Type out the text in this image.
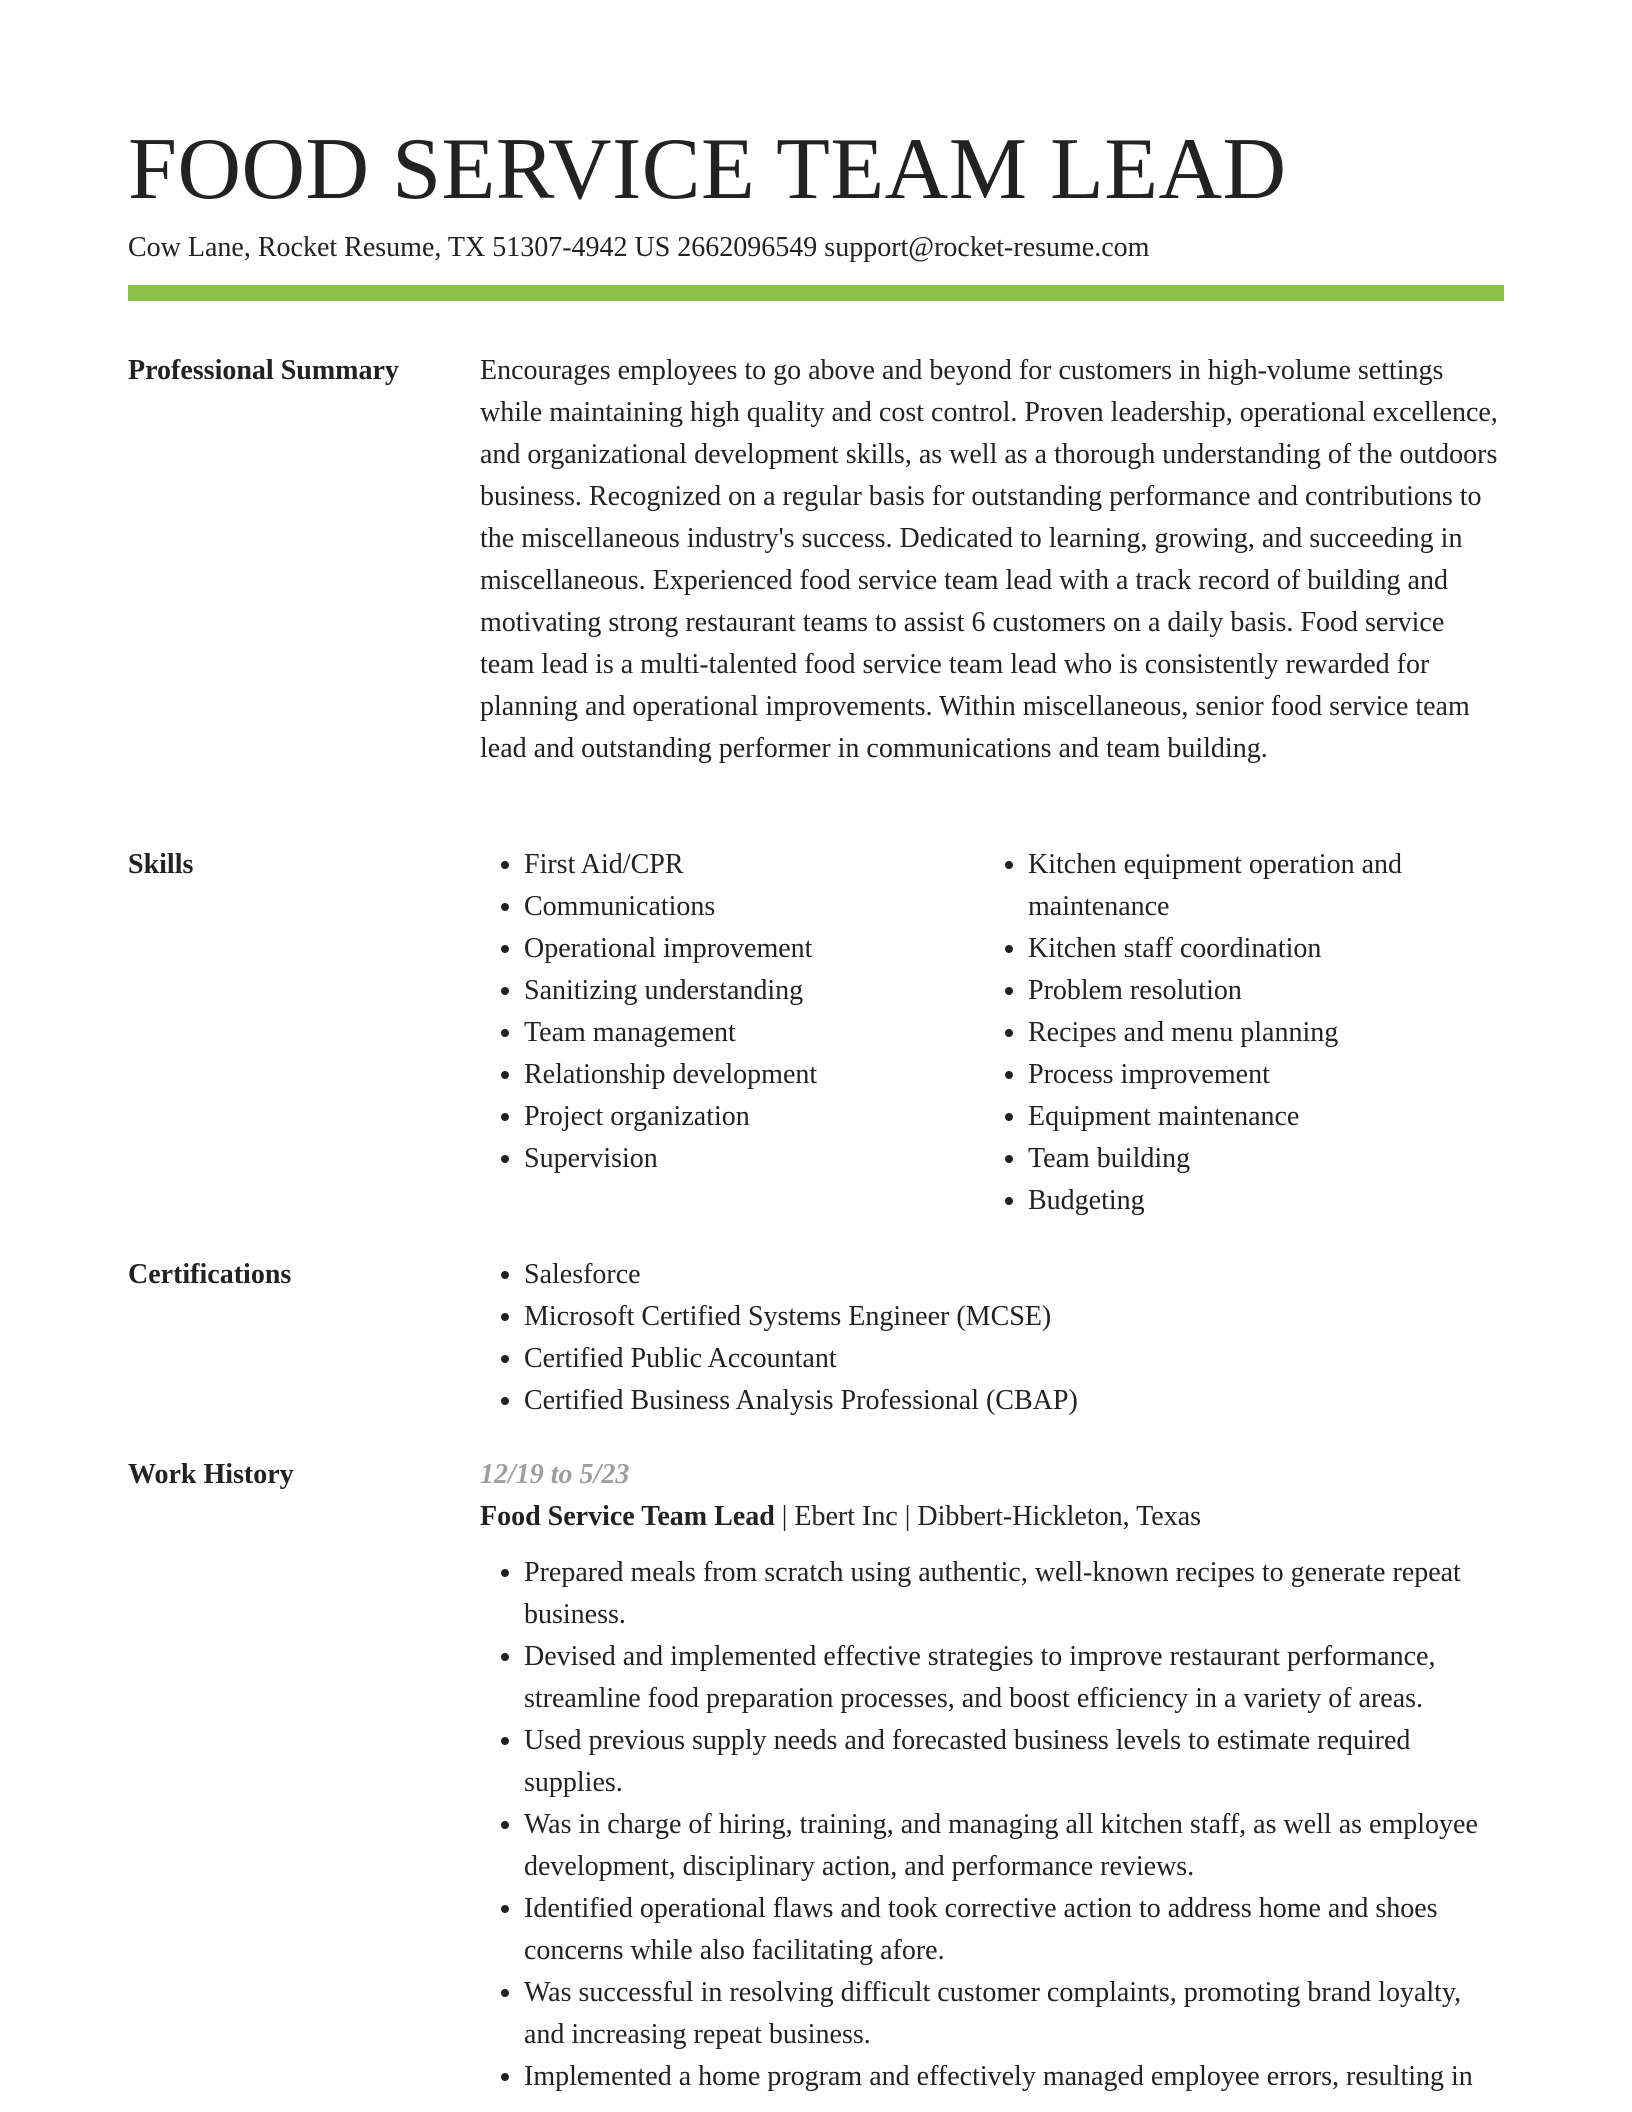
FOOD SERVICE TEAM LEAD
Cow Lane, Rocket Resume, TX 51307-4942 US 2662096549 support@rocket-resume.com
Professional Summary	Encourages employees to go above and beyond for customers in high-volume settings while maintaining high quality and cost control. Proven leadership, operational excellence, and organizational development skills, as well as a thorough understanding of the outdoors business. Recognized on a regular basis for outstanding performance and contributions to the miscellaneous industry's success. Dedicated to learning, growing, and succeeding in miscellaneous. Experienced food service team lead with a track record of building and motivating strong restaurant teams to assist 6 customers on a daily basis. Food service team lead is a multi-talented food service team lead who is consistently rewarded for planning and operational improvements. Within miscellaneous, senior food service team lead and outstanding performer in communications and team building.

Skills	• First Aid/CPR
• Communications
• Operational improvement
• Sanitizing understanding
• Team management
• Relationship development
• Project organization
• Supervision
• Kitchen equipment operation and maintenance
• Kitchen staff coordination
• Problem resolution
• Recipes and menu planning
• Process improvement
• Equipment maintenance
• Team building
• Budgeting
Certifications	• Salesforce
• Microsoft Certified Systems Engineer (MCSE)
• Certified Public Accountant
• Certified Business Analysis Professional (CBAP)
Work History	12/19 to 5/23
Food Service Team Lead | Ebert Inc | Dibbert-Hickleton, Texas
• Prepared meals from scratch using authentic, well-known recipes to generate repeat business.
• Devised and implemented effective strategies to improve restaurant performance, streamline food preparation processes, and boost efficiency in a variety of areas.
• Used previous supply needs and forecasted business levels to estimate required supplies.
• Was in charge of hiring, training, and managing all kitchen staff, as well as employee development, disciplinary action, and performance reviews.
• Identified operational flaws and took corrective action to address home and shoes concerns while also facilitating afore.
• Was successful in resolving difficult customer complaints, promoting brand loyalty, and increasing repeat business.
• Implemented a home program and effectively managed employee errors, resulting in
